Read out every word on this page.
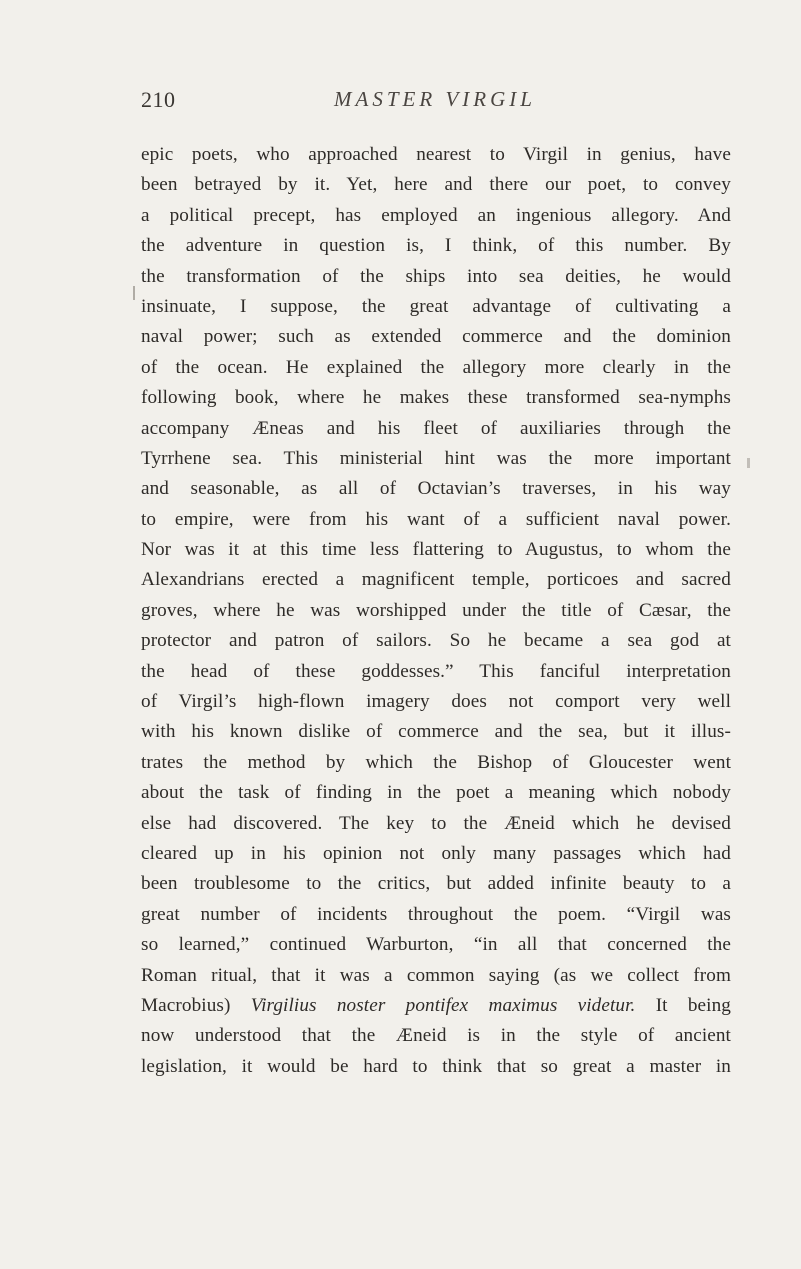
210	MASTER VIRGIL
epic poets, who approached nearest to Virgil in genius, have
been betrayed by it. Yet, here and there our poet, to convey
a political precept, has employed an ingenious allegory. And
the adventure in question is, I think, of this number. By
the transformation of the ships into sea deities, he would
insinuate, I suppose, the great advantage of cultivating a
naval power; such as extended commerce and the dominion
of the ocean. He explained the allegory more clearly in the
following book, where he makes these transformed sea-nymphs
accompany Æneas and his fleet of auxiliaries through the
Tyrrhene sea. This ministerial hint was the more important
and seasonable, as all of Octavian’s traverses, in his way
to empire, were from his want of a sufficient naval power.
Nor was it at this time less flattering to Augustus, to whom the
Alexandrians erected a magnificent temple, porticoes and sacred
groves, where he was worshipped under the title of Cæsar, the
protector and patron of sailors. So he became a sea god at
the head of these goddesses.” This fanciful interpretation
of Virgil’s high-flown imagery does not comport very well
with his known dislike of commerce and the sea, but it illus-
trates the method by which the Bishop of Gloucester went
about the task of finding in the poet a meaning which nobody
else had discovered. The key to the Æneid which he devised
cleared up in his opinion not only many passages which had
been troublesome to the critics, but added infinite beauty to a
great number of incidents throughout the poem. “Virgil was
so learned,” continued Warburton, “in all that concerned the
Roman ritual, that it was a common saying (as we collect from
Macrobius) Virgilius noster pontifex maximus videtur. It being
now understood that the Æneid is in the style of ancient
legislation, it would be hard to think that so great a master in
